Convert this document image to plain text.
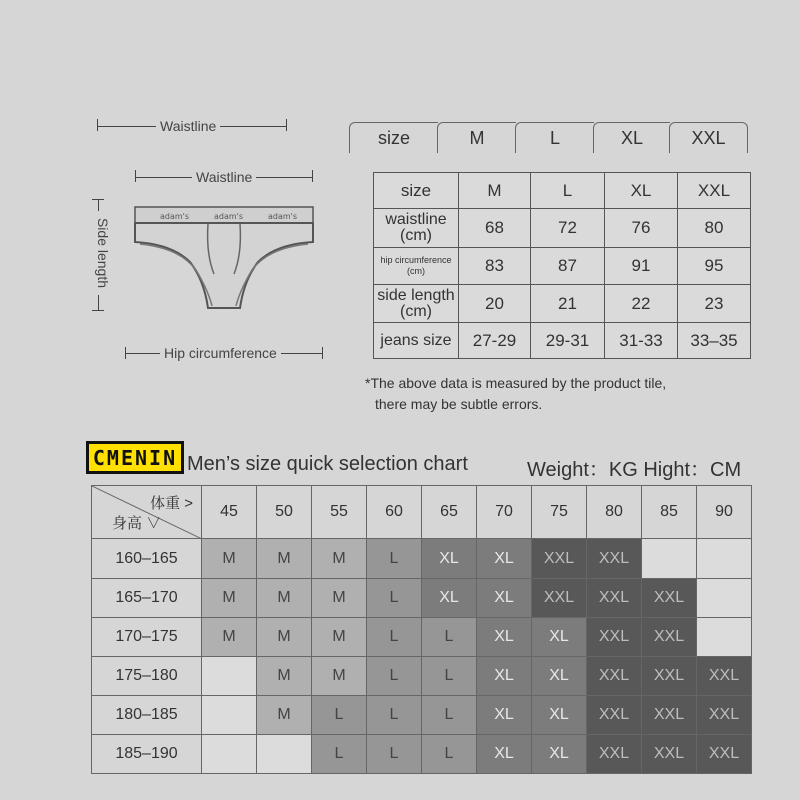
Waistline
Waistline
Side length
Hip circumference
adam's	adam's	adam's
size	M	L	XL	XXL
size	M	L	XL	XXL

waistline
(cm)	68	72	76	80

hip circumference
(cm)	83	87	91	95

side length
(cm)	20	21	22	23

jeans size	27-29	29-31	31-33	33–35
*The above data is measured by the product tile,
there may be subtle errors.
CMENIN Men’s size quick selection chart	Weight：KG Hight：CM
体重 >
身高 ∨	45	50	55	60	65	70	75	80	85	90
160–165	M	M	M	L	XL	XL	XXL	XXL		
165–170	M	M	M	L	XL	XL	XXL	XXL	XXL	
170–175	M	M	M	L	L	XL	XL	XXL	XXL	
175–180		M	M	L	L	XL	XL	XXL	XXL	XXL
180–185		M	L	L	L	XL	XL	XXL	XXL	XXL
185–190			L	L	L	XL	XL	XXL	XXL	XXL
